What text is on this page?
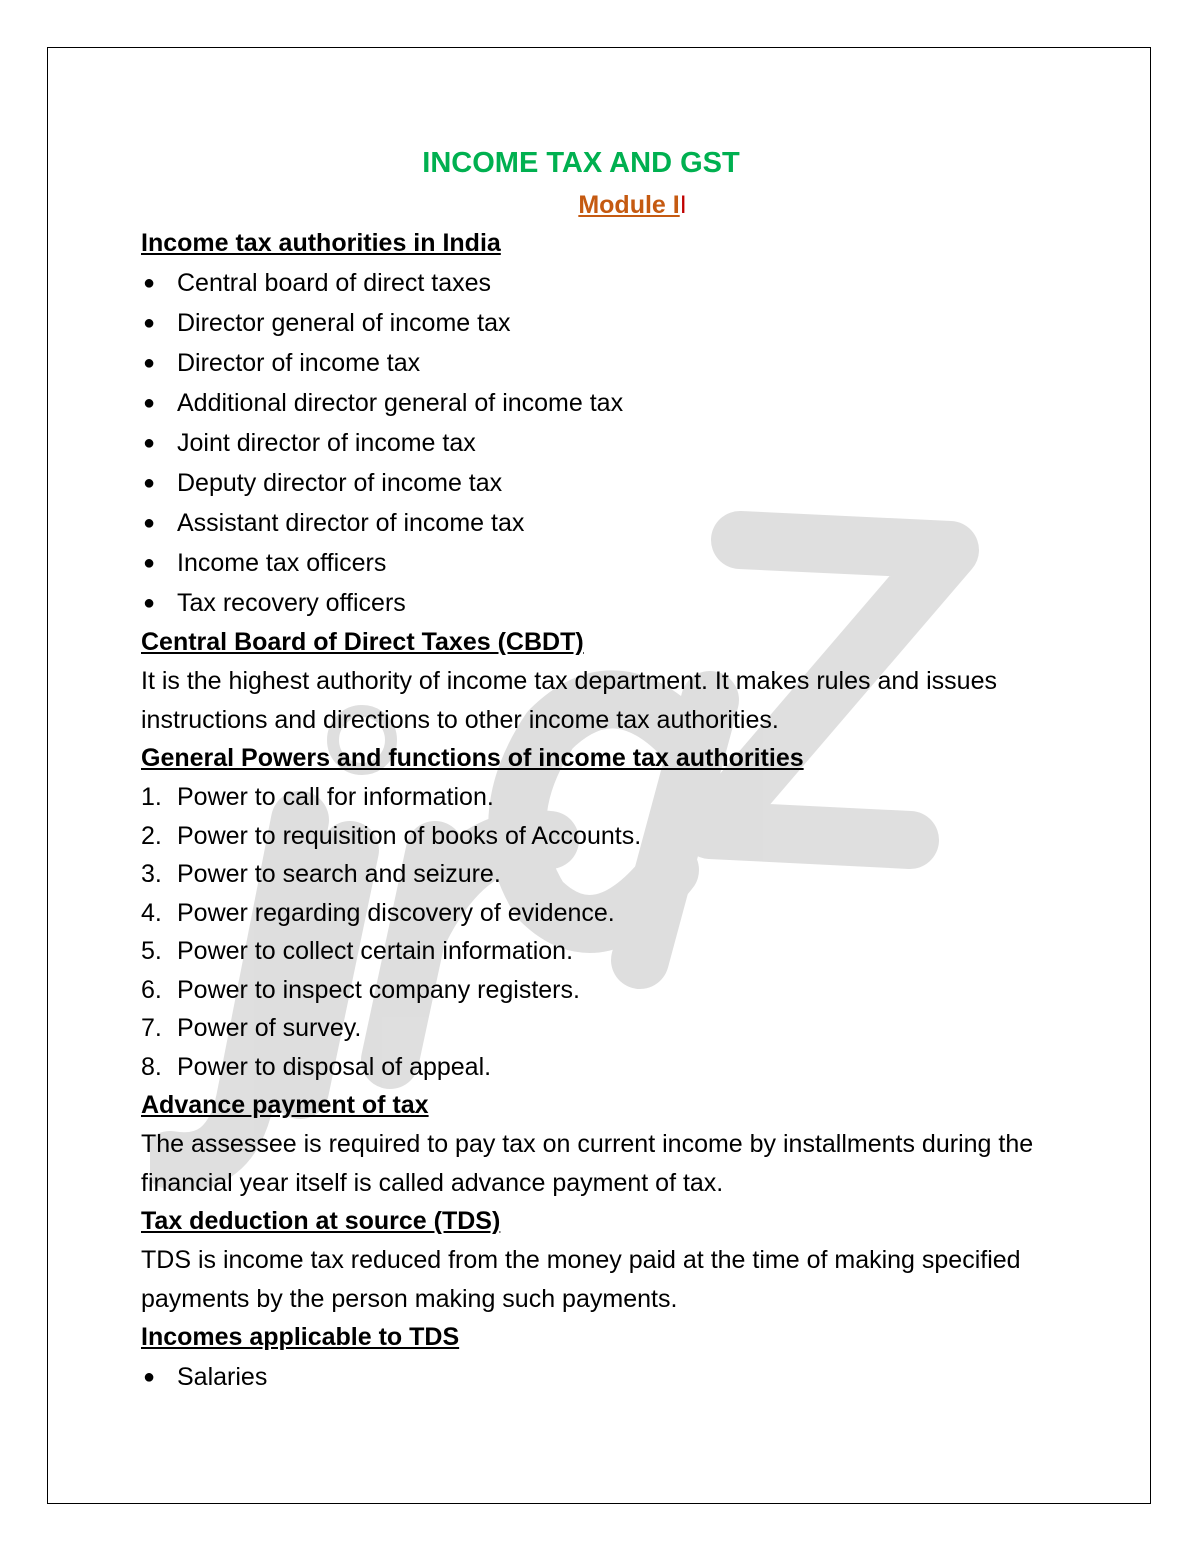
INCOME TAX AND GST
Module II
Income tax authorities in India
● Central board of direct taxes
● Director general of income tax
● Director of income tax
● Additional director general of income tax
● Joint director of income tax
● Deputy director of income tax
● Assistant director of income tax
● Income tax officers
● Tax recovery officers
Central Board of Direct Taxes (CBDT)

It is the highest authority of income tax department. It makes rules and issues instructions and directions to other income tax authorities.

General Powers and functions of income tax authorities
1. Power to call for information.
2. Power to requisition of books of Accounts.
3. Power to search and seizure.
4. Power regarding discovery of evidence.
5. Power to collect certain information.
6. Power to inspect company registers.
7. Power of survey.
8. Power to disposal of appeal.
Advance payment of tax

The assessee is required to pay tax on current income by installments during the financial year itself is called advance payment of tax.

Tax deduction at source (TDS)

TDS is income tax reduced from the money paid at the time of making specified payments by the person making such payments.

Incomes applicable to TDS
● Salaries
